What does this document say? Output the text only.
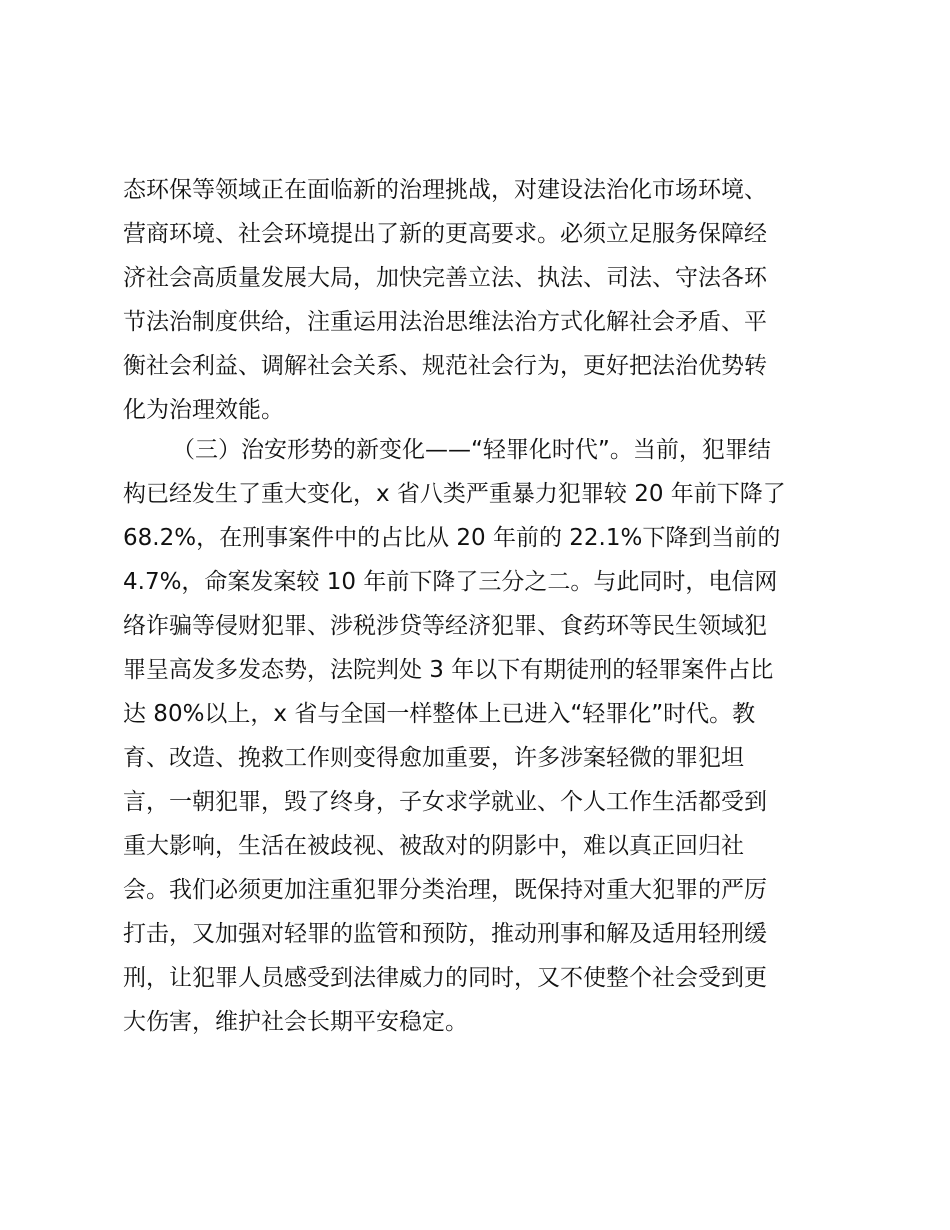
态环保等领域正在面临新的治理挑战，对建设法治化市场环境、
营商环境、社会环境提出了新的更高要求。必须立足服务保障经
济社会高质量发展大局，加快完善立法、执法、司法、守法各环
节法治制度供给，注重运用法治思维法治方式化解社会矛盾、平
衡社会利益、调解社会关系、规范社会行为，更好把法治优势转
化为治理效能。
（三）治安形势的新变化——“轻罪化时代”。当前，犯罪结
构已经发生了重大变化，x 省八类严重暴力犯罪较 20 年前下降了
68.2%，在刑事案件中的占比从 20 年前的 22.1%下降到当前的
4.7%，命案发案较 10 年前下降了三分之二。与此同时，电信网
络诈骗等侵财犯罪、涉税涉贷等经济犯罪、食药环等民生领域犯
罪呈高发多发态势，法院判处 3 年以下有期徒刑的轻罪案件占比
达 80%以上，x 省与全国一样整体上已进入“轻罪化”时代。教
育、改造、挽救工作则变得愈加重要，许多涉案轻微的罪犯坦
言，一朝犯罪，毁了终身，子女求学就业、个人工作生活都受到
重大影响，生活在被歧视、被敌对的阴影中，难以真正回归社
会。我们必须更加注重犯罪分类治理，既保持对重大犯罪的严厉
打击，又加强对轻罪的监管和预防，推动刑事和解及适用轻刑缓
刑，让犯罪人员感受到法律威力的同时，又不使整个社会受到更
大伤害，维护社会长期平安稳定。
